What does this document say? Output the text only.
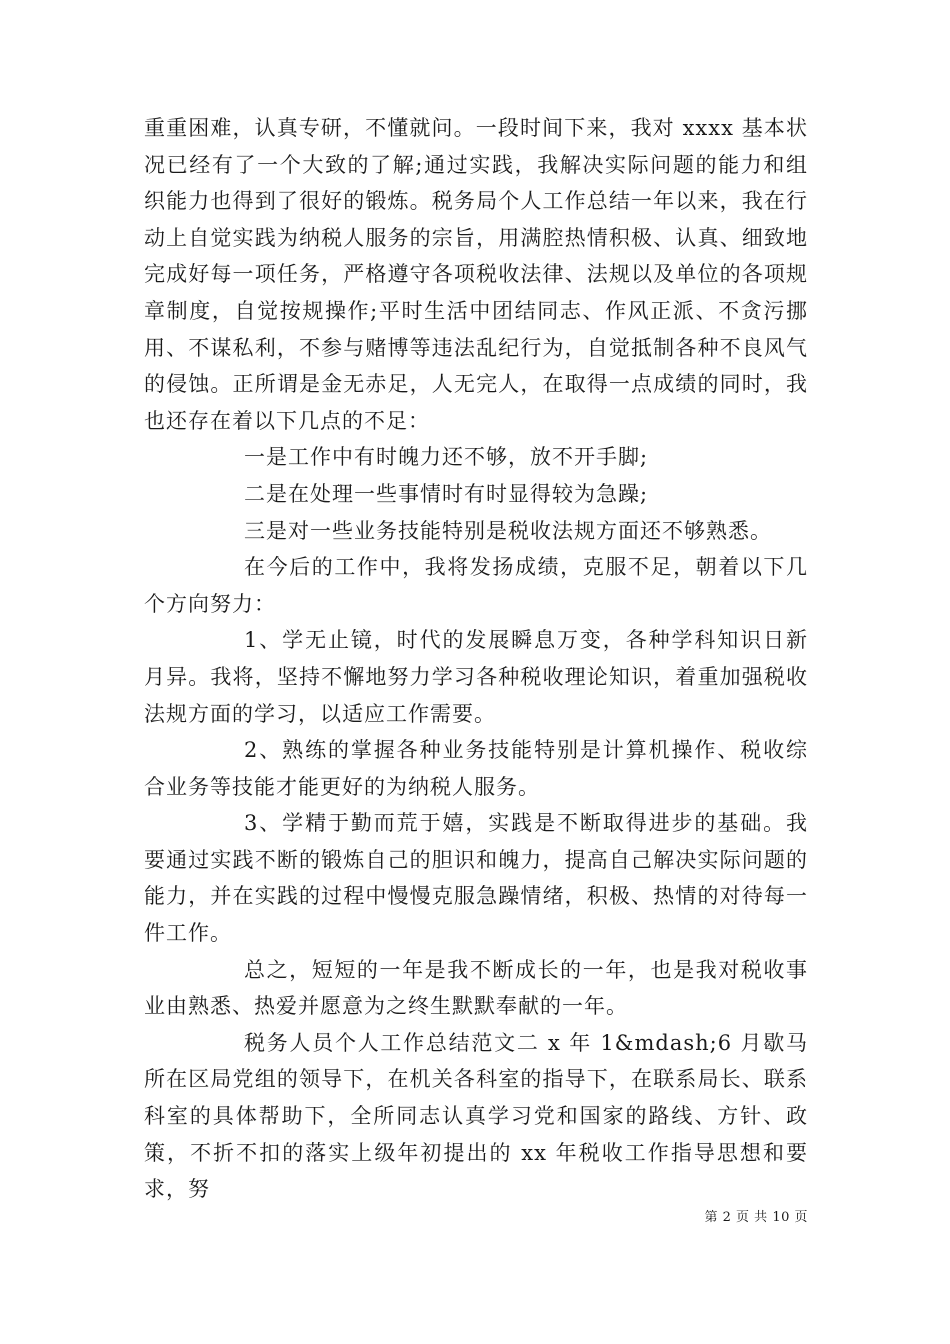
重重困难，认真专研，不懂就问。一段时间下来，我对 xxxx 基本状况已经有了一个大致的了解;通过实践，我解决实际问题的能力和组织能力也得到了很好的锻炼。税务局个人工作总结一年以来，我在行动上自觉实践为纳税人服务的宗旨，用满腔热情积极、认真、细致地完成好每一项任务，严格遵守各项税收法律、法规以及单位的各项规章制度，自觉按规操作;平时生活中团结同志、作风正派、不贪污挪用、不谋私利，不参与赌博等违法乱纪行为，自觉抵制各种不良风气的侵蚀。正所谓是金无赤足，人无完人，在取得一点成绩的同时，我也还存在着以下几点的不足：

一是工作中有时魄力还不够，放不开手脚;

二是在处理一些事情时有时显得较为急躁;

三是对一些业务技能特别是税收法规方面还不够熟悉。

在今后的工作中，我将发扬成绩，克服不足，朝着以下几个方向努力：

1、学无止镜，时代的发展瞬息万变，各种学科知识日新月异。我将，坚持不懈地努力学习各种税收理论知识，着重加强税收法规方面的学习，以适应工作需要。

2、熟练的掌握各种业务技能特别是计算机操作、税收综合业务等技能才能更好的为纳税人服务。

3、学精于勤而荒于嬉，实践是不断取得进步的基础。我要通过实践不断的锻炼自己的胆识和魄力，提高自己解决实际问题的能力，并在实践的过程中慢慢克服急躁情绪，积极、热情的对待每一件工作。

总之，短短的一年是我不断成长的一年，也是我对税收事业由熟悉、热爱并愿意为之终生默默奉献的一年。

税务人员个人工作总结范文二 x 年 1&mdash;6 月歇马所在区局党组的领导下，在机关各科室的指导下，在联系局长、联系科室的具体帮助下，全所同志认真学习党和国家的路线、方针、政策，不折不扣的落实上级年初提出的 xx 年税收工作指导思想和要求，努

第 2 页 共 10 页
